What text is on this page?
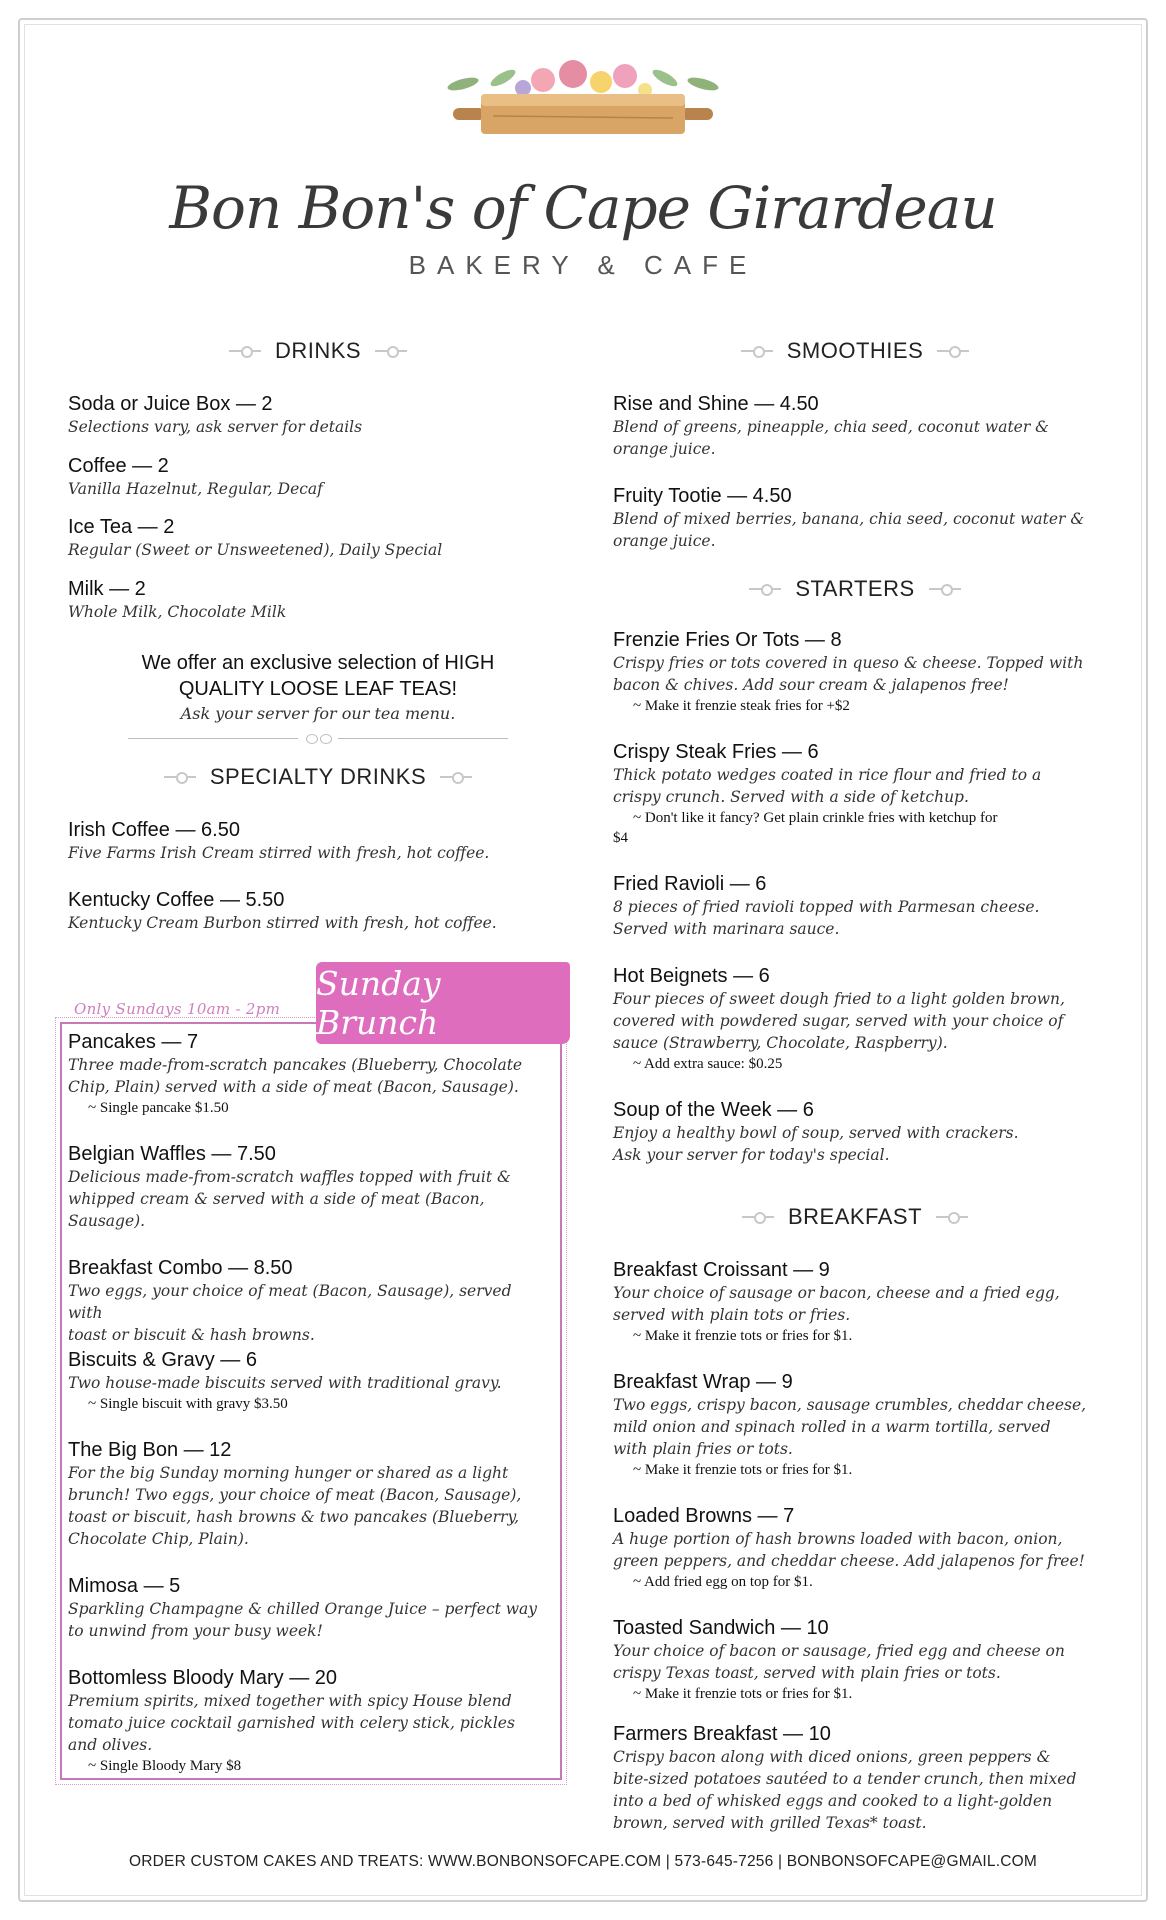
Bon Bon's of Cape Girardeau
BAKERY & CAFE
DRINKS
Soda or Juice Box — 2
Selections vary, ask server for details
Coffee — 2
Vanilla Hazelnut, Regular, Decaf
Ice Tea — 2
Regular (Sweet or Unsweetened), Daily Special
Milk — 2
Whole Milk, Chocolate Milk
We offer an exclusive selection of HIGH
QUALITY LOOSE LEAF TEAS!
Ask your server for our tea menu.
SPECIALTY DRINKS
Irish Coffee — 6.50
Five Farms Irish Cream stirred with fresh, hot coffee.
Kentucky Coffee — 5.50
Kentucky Cream Burbon stirred with fresh, hot coffee.
Only Sundays 10am - 2pm
Sunday Brunch
Pancakes — 7
Three made-from-scratch pancakes (Blueberry, Chocolate
Chip, Plain) served with a side of meat (Bacon, Sausage).
~ Single pancake $1.50
Belgian Waffles — 7.50
Delicious made-from-scratch waffles topped with fruit &
whipped cream & served with a side of meat (Bacon,
Sausage).
Breakfast Combo — 8.50
Two eggs, your choice of meat (Bacon, Sausage), served with
toast or biscuit & hash browns.
Biscuits & Gravy — 6
Two house-made biscuits served with traditional gravy.
~ Single biscuit with gravy $3.50
The Big Bon — 12
For the big Sunday morning hunger or shared as a light
brunch! Two eggs, your choice of meat (Bacon, Sausage),
toast or biscuit, hash browns & two pancakes (Blueberry,
Chocolate Chip, Plain).
Mimosa — 5
Sparkling Champagne & chilled Orange Juice – perfect way
to unwind from your busy week!
Bottomless Bloody Mary — 20
Premium spirits, mixed together with spicy House blend
tomato juice cocktail garnished with celery stick, pickles
and olives.
~ Single Bloody Mary $8
SMOOTHIES
Rise and Shine — 4.50
Blend of greens, pineapple, chia seed, coconut water &
orange juice.
Fruity Tootie — 4.50
Blend of mixed berries, banana, chia seed, coconut water &
orange juice.
STARTERS
Frenzie Fries Or Tots — 8
Crispy fries or tots covered in queso & cheese. Topped with
bacon & chives. Add sour cream & jalapenos free!
~ Make it frenzie steak fries for +$2
Crispy Steak Fries — 6
Thick potato wedges coated in rice flour and fried to a
crispy crunch. Served with a side of ketchup.
~ Don't like it fancy? Get plain crinkle fries with ketchup for
$4
Fried Ravioli — 6
8 pieces of fried ravioli topped with Parmesan cheese.
Served with marinara sauce.
Hot Beignets — 6
Four pieces of sweet dough fried to a light golden brown,
covered with powdered sugar, served with your choice of
sauce (Strawberry, Chocolate, Raspberry).
~ Add extra sauce: $0.25
Soup of the Week — 6
Enjoy a healthy bowl of soup, served with crackers.
Ask your server for today's special.
BREAKFAST
Breakfast Croissant — 9
Your choice of sausage or bacon, cheese and a fried egg,
served with plain tots or fries.
~ Make it frenzie tots or fries for $1.
Breakfast Wrap — 9
Two eggs, crispy bacon, sausage crumbles, cheddar cheese,
mild onion and spinach rolled in a warm tortilla, served
with plain fries or tots.
~ Make it frenzie tots or fries for $1.
Loaded Browns — 7
A huge portion of hash browns loaded with bacon, onion,
green peppers, and cheddar cheese. Add jalapenos for free!
~ Add fried egg on top for $1.
Toasted Sandwich — 10
Your choice of bacon or sausage, fried egg and cheese on
crispy Texas toast, served with plain fries or tots.
~ Make it frenzie tots or fries for $1.
Farmers Breakfast — 10
Crispy bacon along with diced onions, green peppers &
bite-sized potatoes sautéed to a tender crunch, then mixed
into a bed of whisked eggs and cooked to a light-golden
brown, served with grilled Texas* toast.
ORDER CUSTOM CAKES AND TREATS: WWW.BONBONSOFCAPE.COM | 573-645-7256 | BONBONSOFCAPE@GMAIL.COM
